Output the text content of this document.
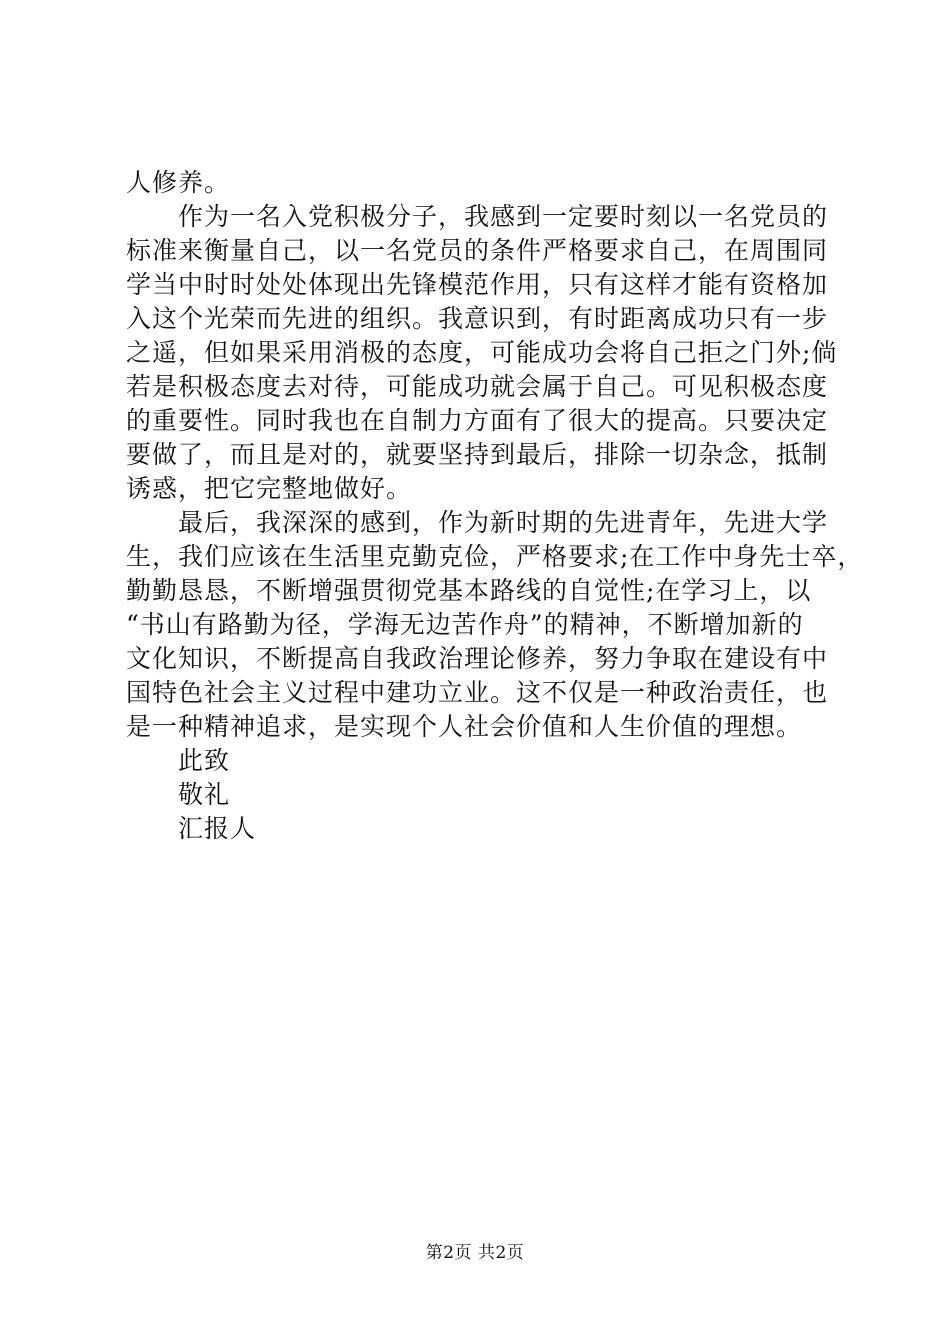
人修养。
　　作为一名入党积极分子，我感到一定要时刻以一名党员的
标准来衡量自己，以一名党员的条件严格要求自己，在周围同
学当中时时处处体现出先锋模范作用，只有这样才能有资格加
入这个光荣而先进的组织。我意识到，有时距离成功只有一步
之遥，但如果采用消极的态度，可能成功会将自己拒之门外;倘
若是积极态度去对待，可能成功就会属于自己。可见积极态度
的重要性。同时我也在自制力方面有了很大的提高。只要决定
要做了，而且是对的，就要坚持到最后，排除一切杂念，抵制
诱惑，把它完整地做好。
　　最后，我深深的感到，作为新时期的先进青年，先进大学
生，我们应该在生活里克勤克俭，严格要求;在工作中身先士卒，
勤勤恳恳，不断增强贯彻党基本路线的自觉性;在学习上，以
“书山有路勤为径，学海无边苦作舟”的精神，不断增加新的
文化知识，不断提高自我政治理论修养，努力争取在建设有中
国特色社会主义过程中建功立业。这不仅是一种政治责任，也
是一种精神追求，是实现个人社会价值和人生价值的理想。
　　此致
　　敬礼
　　汇报人
第2页 共2页
